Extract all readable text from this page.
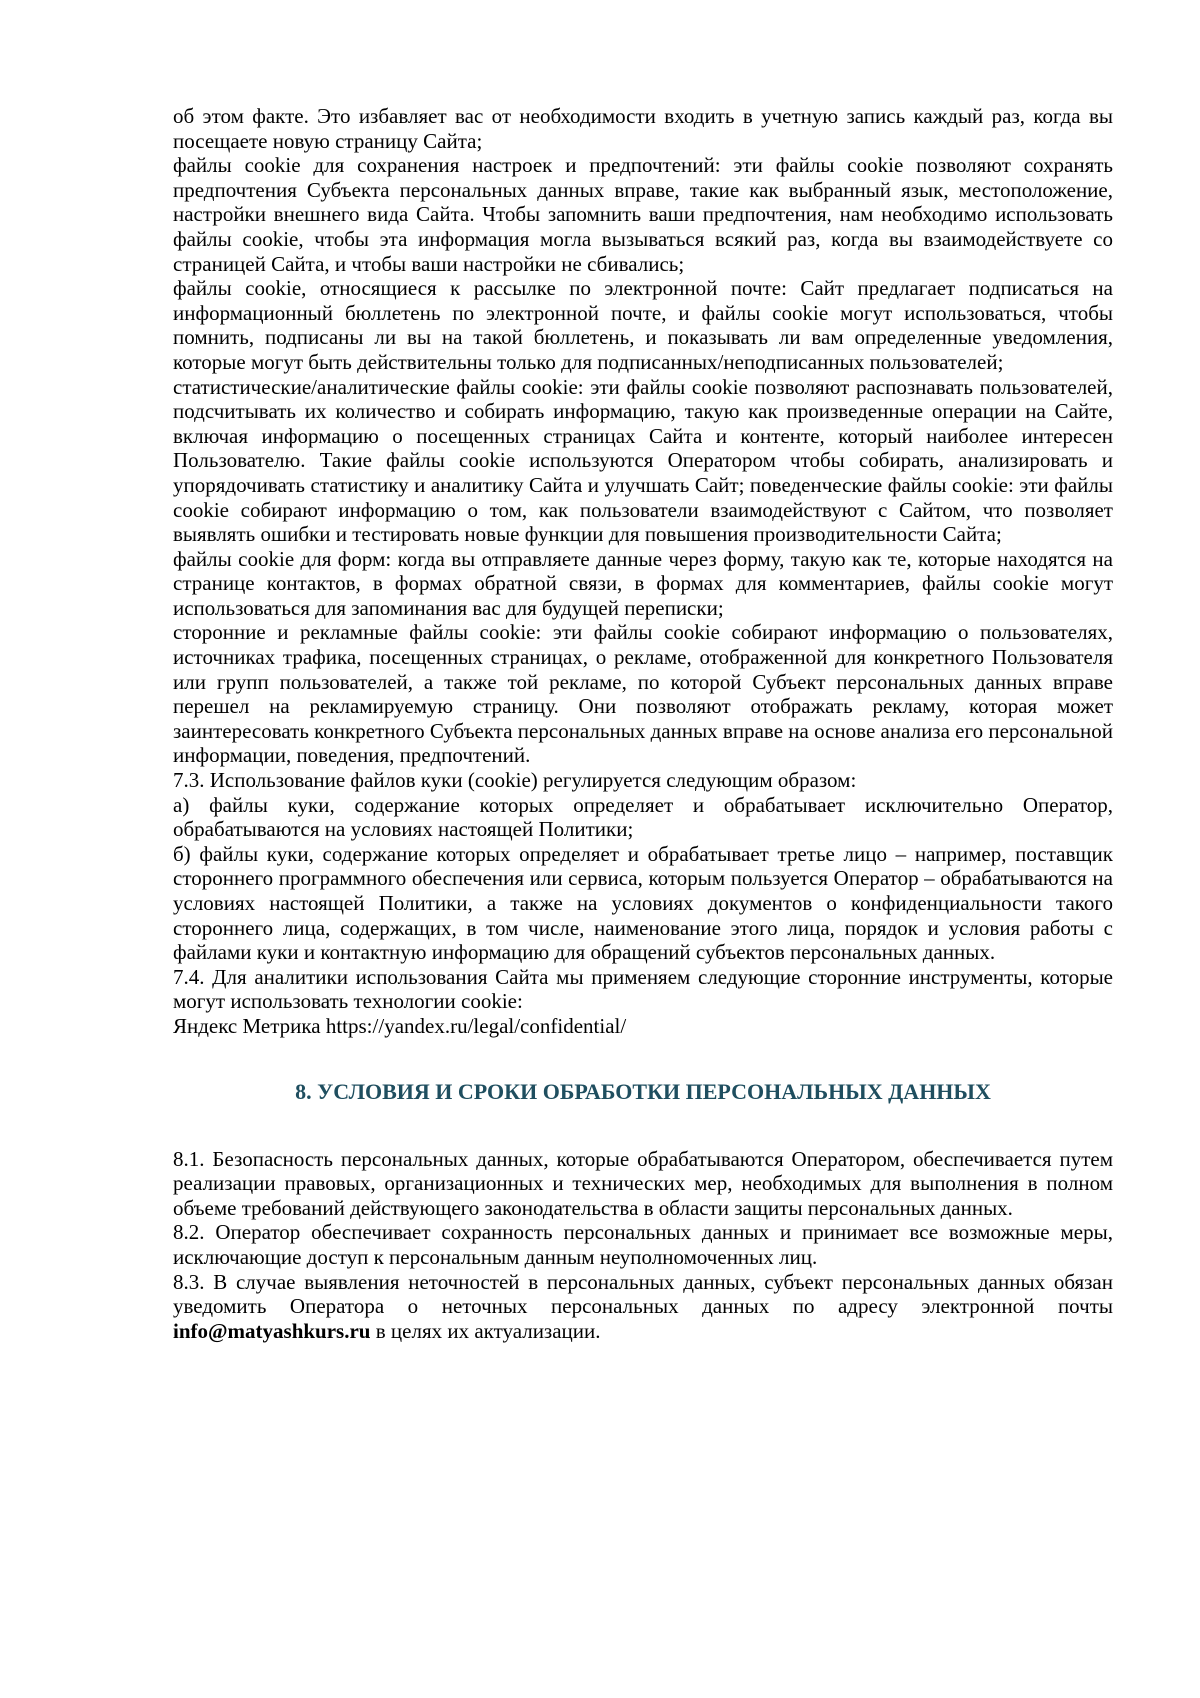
об этом факте. Это избавляет вас от необходимости входить в учетную запись каждый раз, когда вы посещаете новую страницу Сайта;

файлы cookie для сохранения настроек и предпочтений: эти файлы cookie позволяют сохранять предпочтения Субъекта персональных данных вправе, такие как выбранный язык, местоположение, настройки внешнего вида Сайта. Чтобы запомнить ваши предпочтения, нам необходимо использовать файлы cookie, чтобы эта информация могла вызываться всякий раз, когда вы взаимодействуете со страницей Сайта, и чтобы ваши настройки не сбивались;

файлы cookie, относящиеся к рассылке по электронной почте: Сайт предлагает подписаться на информационный бюллетень по электронной почте, и файлы cookie могут использоваться, чтобы помнить, подписаны ли вы на такой бюллетень, и показывать ли вам определенные уведомления, которые могут быть действительны только для подписанных/неподписанных пользователей;

статистические/аналитические файлы cookie: эти файлы cookie позволяют распознавать пользователей, подсчитывать их количество и собирать информацию, такую как произведенные операции на Сайте, включая информацию о посещенных страницах Сайта и контенте, который наиболее интересен Пользователю. Такие файлы cookie используются Оператором чтобы собирать, анализировать и упорядочивать статистику и аналитику Сайта и улучшать Сайт; поведенческие файлы cookie: эти файлы cookie собирают информацию о том, как пользователи взаимодействуют с Сайтом, что позволяет выявлять ошибки и тестировать новые функции для повышения производительности Сайта;

файлы cookie для форм: когда вы отправляете данные через форму, такую как те, которые находятся на странице контактов, в формах обратной связи, в формах для комментариев, файлы cookie могут использоваться для запоминания вас для будущей переписки;

сторонние и рекламные файлы cookie: эти файлы cookie собирают информацию о пользователях, источниках трафика, посещенных страницах, о рекламе, отображенной для конкретного Пользователя или групп пользователей, а также той рекламе, по которой Субъект персональных данных вправе перешел на рекламируемую страницу. Они позволяют отображать рекламу, которая может заинтересовать конкретного Субъекта персональных данных вправе на основе анализа его персональной информации, поведения, предпочтений.

7.3. Использование файлов куки (cookie) регулируется следующим образом:

а) файлы куки, содержание которых определяет и обрабатывает исключительно Оператор, обрабатываются на условиях настоящей Политики;

б) файлы куки, содержание которых определяет и обрабатывает третье лицо – например, поставщик стороннего программного обеспечения или сервиса, которым пользуется Оператор – обрабатываются на условиях настоящей Политики, а также на условиях документов о конфиденциальности такого стороннего лица, содержащих, в том числе, наименование этого лица, порядок и условия работы с файлами куки и контактную информацию для обращений субъектов персональных данных.

7.4. Для аналитики использования Сайта мы применяем следующие сторонние инструменты, которые могут использовать технологии cookie:

Яндекс Метрика https://yandex.ru/legal/confidential/

8. УСЛОВИЯ И СРОКИ ОБРАБОТКИ ПЕРСОНАЛЬНЫХ ДАННЫХ

8.1. Безопасность персональных данных, которые обрабатываются Оператором, обеспечивается путем реализации правовых, организационных и технических мер, необходимых для выполнения в полном объеме требований действующего законодательства в области защиты персональных данных.

8.2. Оператор обеспечивает сохранность персональных данных и принимает все возможные меры, исключающие доступ к персональным данным неуполномоченных лиц.

8.3. В случае выявления неточностей в персональных данных, субъект персональных данных обязан уведомить Оператора о неточных персональных данных по адресу электронной почты info@matyashkurs.ru в целях их актуализации.
